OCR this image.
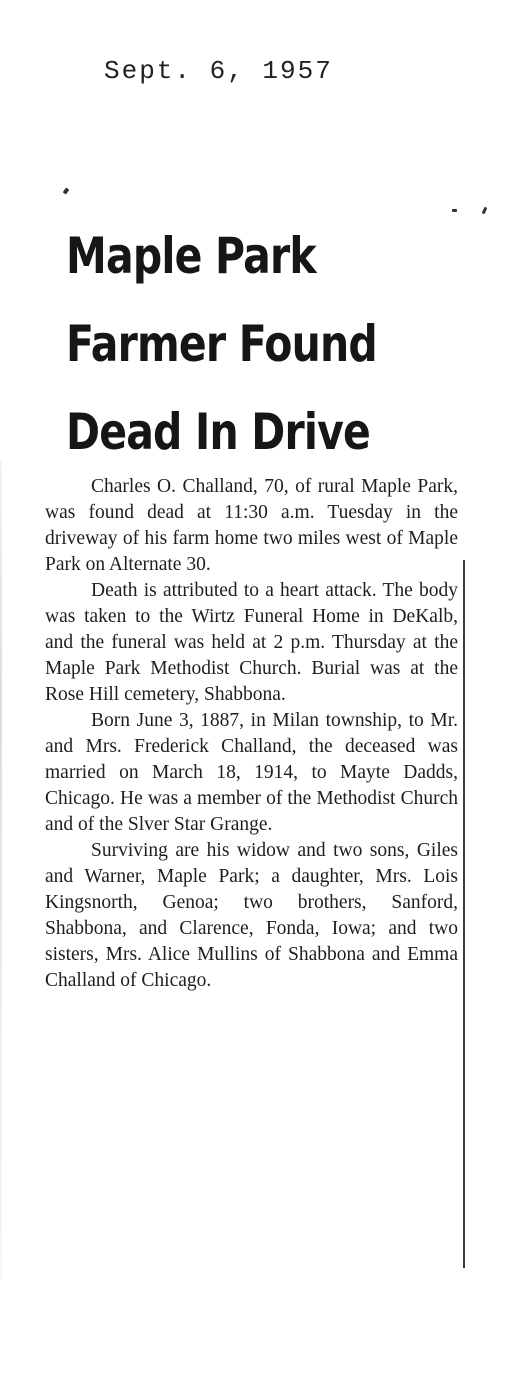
Sept. 6, 1957
Maple Park
Farmer Found
Dead In Drive

Charles O. Challand, 70, of rural Maple Park, was found dead at 11:30 a.m. Tuesday in the driveway of his farm home two miles west of Maple Park on Alternate 30.

Death is attributed to a heart attack. The body was taken to the Wirtz Funeral Home in DeKalb, and the funeral was held at 2 p.m. Thursday at the Maple Park Methodist Church. Burial was at the Rose Hill cemetery, Shabbona.

Born June 3, 1887, in Milan township, to Mr. and Mrs. Frederick Challand, the deceased was married on March 18, 1914, to Mayte Dadds, Chicago. He was a member of the Methodist Church and of the Slver Star Grange.

Surviving are his widow and two sons, Giles and Warner, Maple Park; a daughter, Mrs. Lois Kingsnorth, Genoa; two brothers, Sanford, Shabbona, and Clarence, Fonda, Iowa; and two sisters, Mrs. Alice Mullins of Shabbona and Emma Challand of Chicago.
